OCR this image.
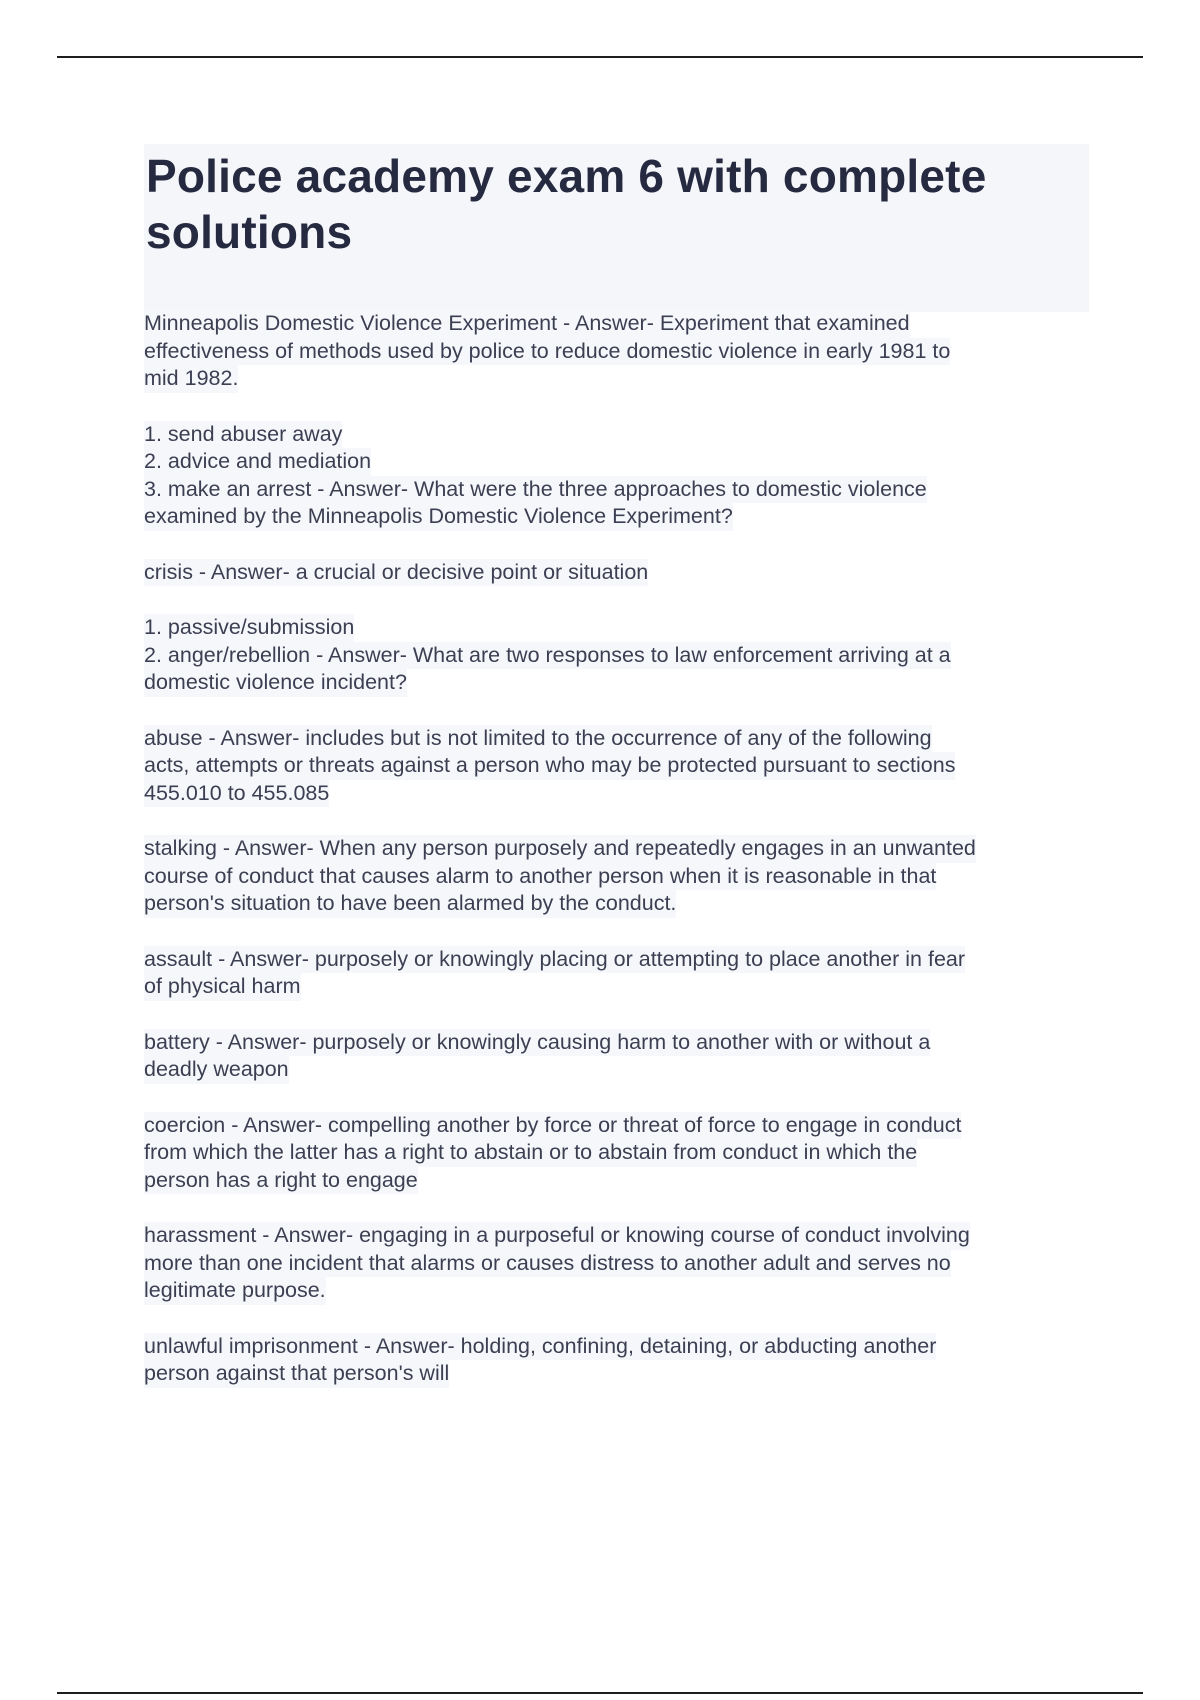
Police academy exam 6 with complete solutions
Minneapolis Domestic Violence Experiment - Answer- Experiment that examined
effectiveness of methods used by police to reduce domestic violence in early 1981 to
mid 1982.
1. send abuser away
2. advice and mediation
3. make an arrest - Answer- What were the three approaches to domestic violence
examined by the Minneapolis Domestic Violence Experiment?
crisis - Answer- a crucial or decisive point or situation
1. passive/submission
2. anger/rebellion - Answer- What are two responses to law enforcement arriving at a
domestic violence incident?
abuse - Answer- includes but is not limited to the occurrence of any of the following
acts, attempts or threats against a person who may be protected pursuant to sections
455.010 to 455.085
stalking - Answer- When any person purposely and repeatedly engages in an unwanted
course of conduct that causes alarm to another person when it is reasonable in that
person's situation to have been alarmed by the conduct.
assault - Answer- purposely or knowingly placing or attempting to place another in fear
of physical harm
battery - Answer- purposely or knowingly causing harm to another with or without a
deadly weapon
coercion - Answer- compelling another by force or threat of force to engage in conduct
from which the latter has a right to abstain or to abstain from conduct in which the
person has a right to engage
harassment - Answer- engaging in a purposeful or knowing course of conduct involving
more than one incident that alarms or causes distress to another adult and serves no
legitimate purpose.
unlawful imprisonment - Answer- holding, confining, detaining, or abducting another
person against that person's will
